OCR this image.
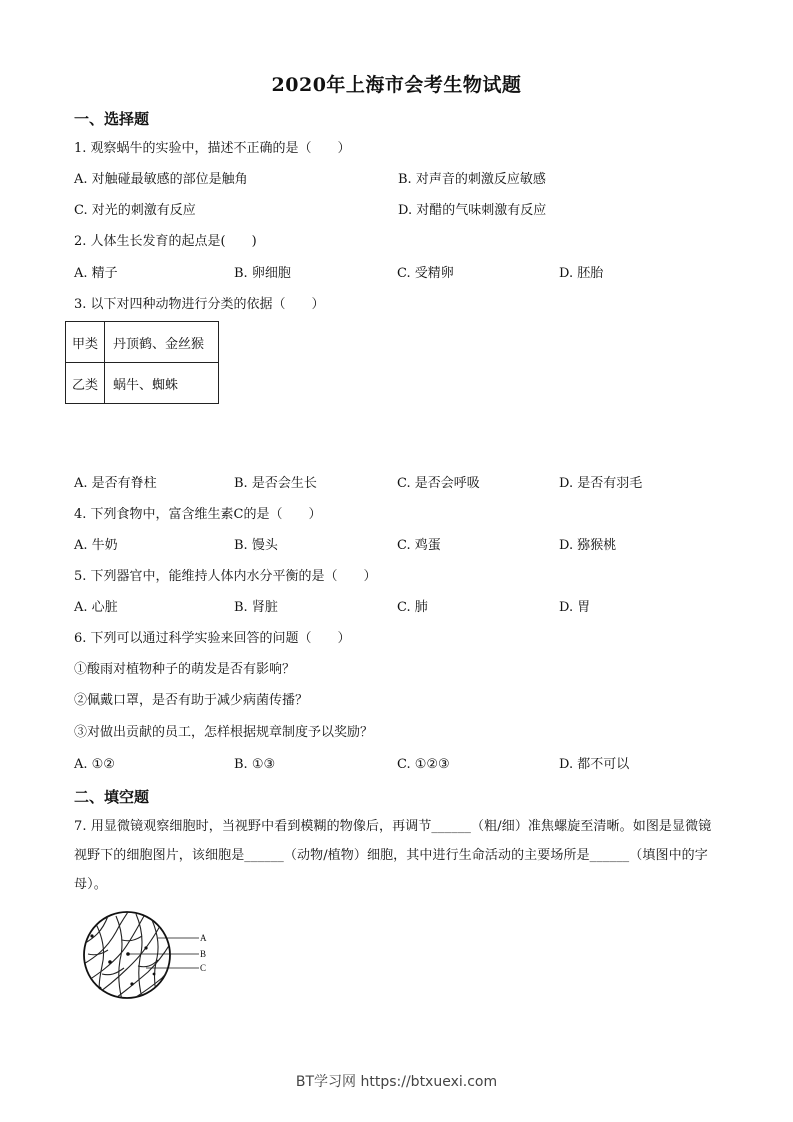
2020年上海市会考生物试题
一、选择题
1. 观察蜗牛的实验中，描述不正确的是（　　）
A. 对触碰最敏感的部位是触角	B. 对声音的刺激反应敏感
C. 对光的刺激有反应	D. 对醋的气味刺激有反应
2. 人体生长发育的起点是(　　)
A. 精子	B. 卵细胞	C. 受精卵	D. 胚胎
3. 以下对四种动物进行分类的依据（　　）
甲类	丹顶鹤、金丝猴
乙类	蜗牛、蜘蛛
A. 是否有脊柱	B. 是否会生长	C. 是否会呼吸	D. 是否有羽毛
4. 下列食物中，富含维生素C的是（　　）
A. 牛奶	B. 馒头	C. 鸡蛋	D. 猕猴桃
5. 下列器官中，能维持人体内水分平衡的是（　　）
A. 心脏	B. 肾脏	C. 肺	D. 胃
6. 下列可以通过科学实验来回答的问题（　　）
①酸雨对植物种子的萌发是否有影响？
②佩戴口罩，是否有助于减少病菌传播？
③对做出贡献的员工，怎样根据规章制度予以奖励？
A. ①②	B. ①③	C. ①②③	D. 都不可以
二、填空题
7. 用显微镜观察细胞时，当视野中看到模糊的物像后，再调节______（粗/细）准焦螺旋至清晰。如图是显微镜视野下的细胞图片，该细胞是______（动物/植物）细胞，其中进行生命活动的主要场所是______（填图中的字母）。
A
B
C
BT学习网 https://btxuexi.com
